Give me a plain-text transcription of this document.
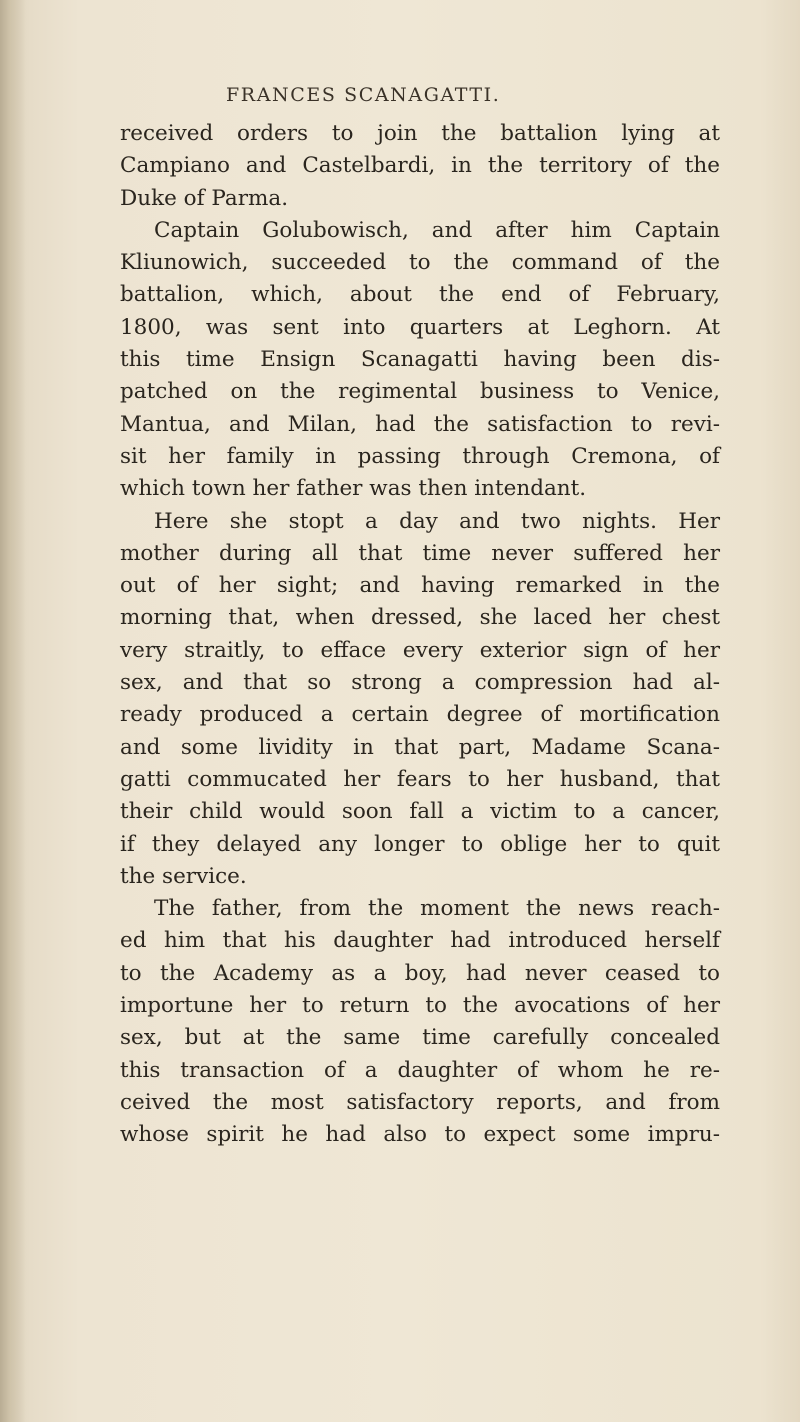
FRANCES SCANAGATTI.
received orders to join the battalion lying at
Campiano and Castelbardi, in the territory of the
Duke of Parma.
Captain Golubowisch, and after him Captain
Kliunowich, succeeded to the command of the
battalion, which, about the end of February,
1800, was sent into quarters at Leghorn. At
this time Ensign Scanagatti having been dis-
patched on the regimental business to Venice,
Mantua, and Milan, had the satisfaction to revi-
sit her family in passing through Cremona, of
which town her father was then intendant.
Here she stopt a day and two nights. Her
mother during all that time never suffered her
out of her sight; and having remarked in the
morning that, when dressed, she laced her chest
very straitly, to efface every exterior sign of her
sex, and that so strong a compression had al-
ready produced a certain degree of mortification
and some lividity in that part, Madame Scana-
gatti commucated her fears to her husband, that
their child would soon fall a victim to a cancer,
if they delayed any longer to oblige her to quit
the service.
The father, from the moment the news reach-
ed him that his daughter had introduced herself
to the Academy as a boy, had never ceased to
importune her to return to the avocations of her
sex, but at the same time carefully concealed
this transaction of a daughter of whom he re-
ceived the most satisfactory reports, and from
whose spirit he had also to expect some impru-
